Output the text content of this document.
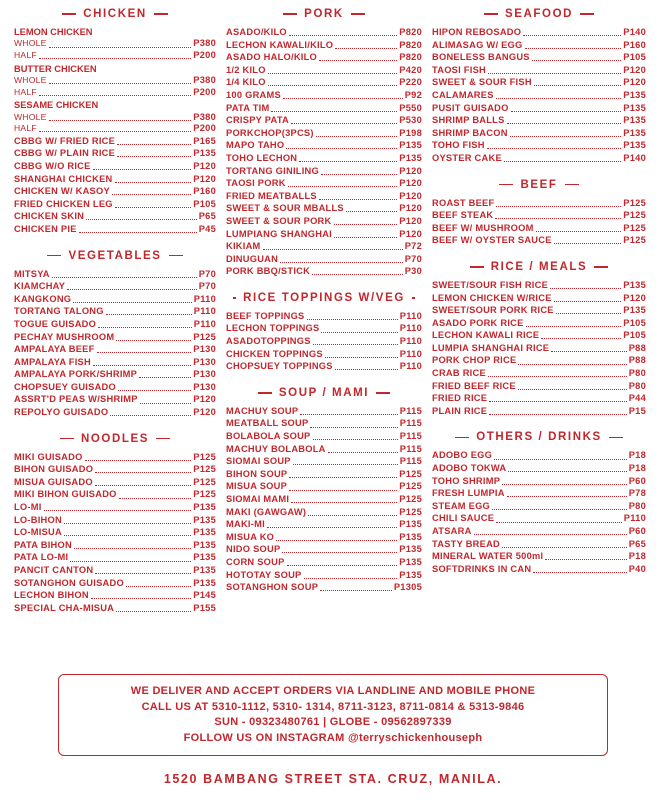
CHICKEN
LEMON CHICKEN
WHOLE	P380
HALF	P200
BUTTER CHICKEN
WHOLE	P380
HALF	P200
SESAME CHICKEN
WHOLE	P380
HALF	P200
CBBG W/ FRIED RICE	P165
CBBG W/ PLAIN RICE	P135
CBBG W/O RICE	P120
SHANGHAI CHICKEN	P120
CHICKEN W/ KASOY	P160
FRIED CHICKEN LEG	P105
CHICKEN SKIN	P65
CHICKEN PIE	P45
VEGETABLES
MITSYA	P70
KIAMCHAY	P70
KANGKONG	P110
TORTANG TALONG	P110
TOGUE GUISADO	P110
PECHAY MUSHROOM	P125
AMPALAYA BEEF	P130
AMPALAYA FISH	P130
AMPALAYA PORK/SHRIMP	P130
CHOPSUEY GUISADO	P130
ASSRT'D PEAS W/SHRIMP	P120
REPOLYO GUISADO	P120
NOODLES
MIKI GUISADO	P125
BIHON GUISADO	P125
MISUA GUISADO	P125
MIKI BIHON GUISADO	P125
LO-MI	P135
LO-BIHON	P135
LO-MISUA	P135
PATA BIHON	P135
PATA LO-MI	P135
PANCIT CANTON	P135
SOTANGHON GUISADO	P135
LECHON BIHON	P145
SPECIAL CHA-MISUA	P155
PORK
ASADO/KILO	P820
LECHON KAWALI/KILO	P820
ASADO HALO/KILO	P820
1/2 KILO	P420
1/4 KILO	P220
100 GRAMS	P92
PATA TIM	P550
CRISPY PATA	P530
PORKCHOP(3PCS)	P198
MAPO TAHO	P135
TOHO LECHON	P135
TORTANG GINILING	P120
TAOSI PORK	P120
FRIED MEATBALLS	P120
SWEET & SOUR MBALLS	P120
SWEET & SOUR PORK	P120
LUMPIANG SHANGHAI	P120
KIKIAM	P72
DINUGUAN	P70
PORK BBQ/STICK	P30
RICE TOPPINGS W/VEG
BEEF TOPPINGS	P110
LECHON TOPPINGS	P110
ASADOTOPPINGS	P110
CHICKEN TOPPINGS	P110
CHOPSUEY TOPPINGS	P110
SOUP / MAMI
MACHUY SOUP	P115
MEATBALL SOUP	P115
BOLABOLA SOUP	P115
MACHUY BOLABOLA	P115
SIOMAI SOUP	P115
BIHON SOUP	P125
MISUA SOUP	P125
SIOMAI MAMI	P125
MAKI (GAWGAW)	P125
MAKI-MI	P135
MISUA KO	P135
NIDO SOUP	P135
CORN SOUP	P135
HOTOTAY SOUP	P135
SOTANGHON SOUP	P1305
SEAFOOD
HIPON REBOSADO	P140
ALIMASAG W/ EGG	P160
BONELESS BANGUS	P105
TAOSI FISH	P120
SWEET & SOUR FISH	P120
CALAMARES	P135
PUSIT GUISADO	P135
SHRIMP BALLS	P135
SHRIMP BACON	P135
TOHO FISH	P135
OYSTER CAKE	P140
BEEF
ROAST BEEF	P125
BEEF STEAK	P125
BEEF W/ MUSHROOM	P125
BEEF W/ OYSTER SAUCE	P125
RICE / MEALS
SWEET/SOUR FISH RICE	P135
LEMON CHICKEN W/RICE	P120
SWEET/SOUR PORK RICE	P135
ASADO PORK RICE	P105
LECHON KAWALI RICE	P105
LUMPIA SHANGHAI RICE	P88
PORK CHOP RICE	P88
CRAB RICE	P80
FRIED BEEF RICE	P80
FRIED RICE	P44
PLAIN RICE	P15
OTHERS / DRINKS
ADOBO EGG	P18
ADOBO TOKWA	P18
TOHO SHRIMP	P60
FRESH LUMPIA	P78
STEAM EGG	P80
CHILI SAUCE	P110
ATSARA	P60
TASTY BREAD	P65
MINERAL WATER 500ml	P18
SOFTDRINKS IN CAN	P40
WE DELIVER AND ACCEPT ORDERS VIA LANDLINE AND MOBILE PHONE
CALL US AT 5310-1112, 5310- 1314, 8711-3123, 8711-0814 & 5313-9846
SUN - 09323480761 | GLOBE - 09562897339
FOLLOW US ON INSTAGRAM @terryschickenhouseph
1520 BAMBANG STREET STA. CRUZ, MANILA.
